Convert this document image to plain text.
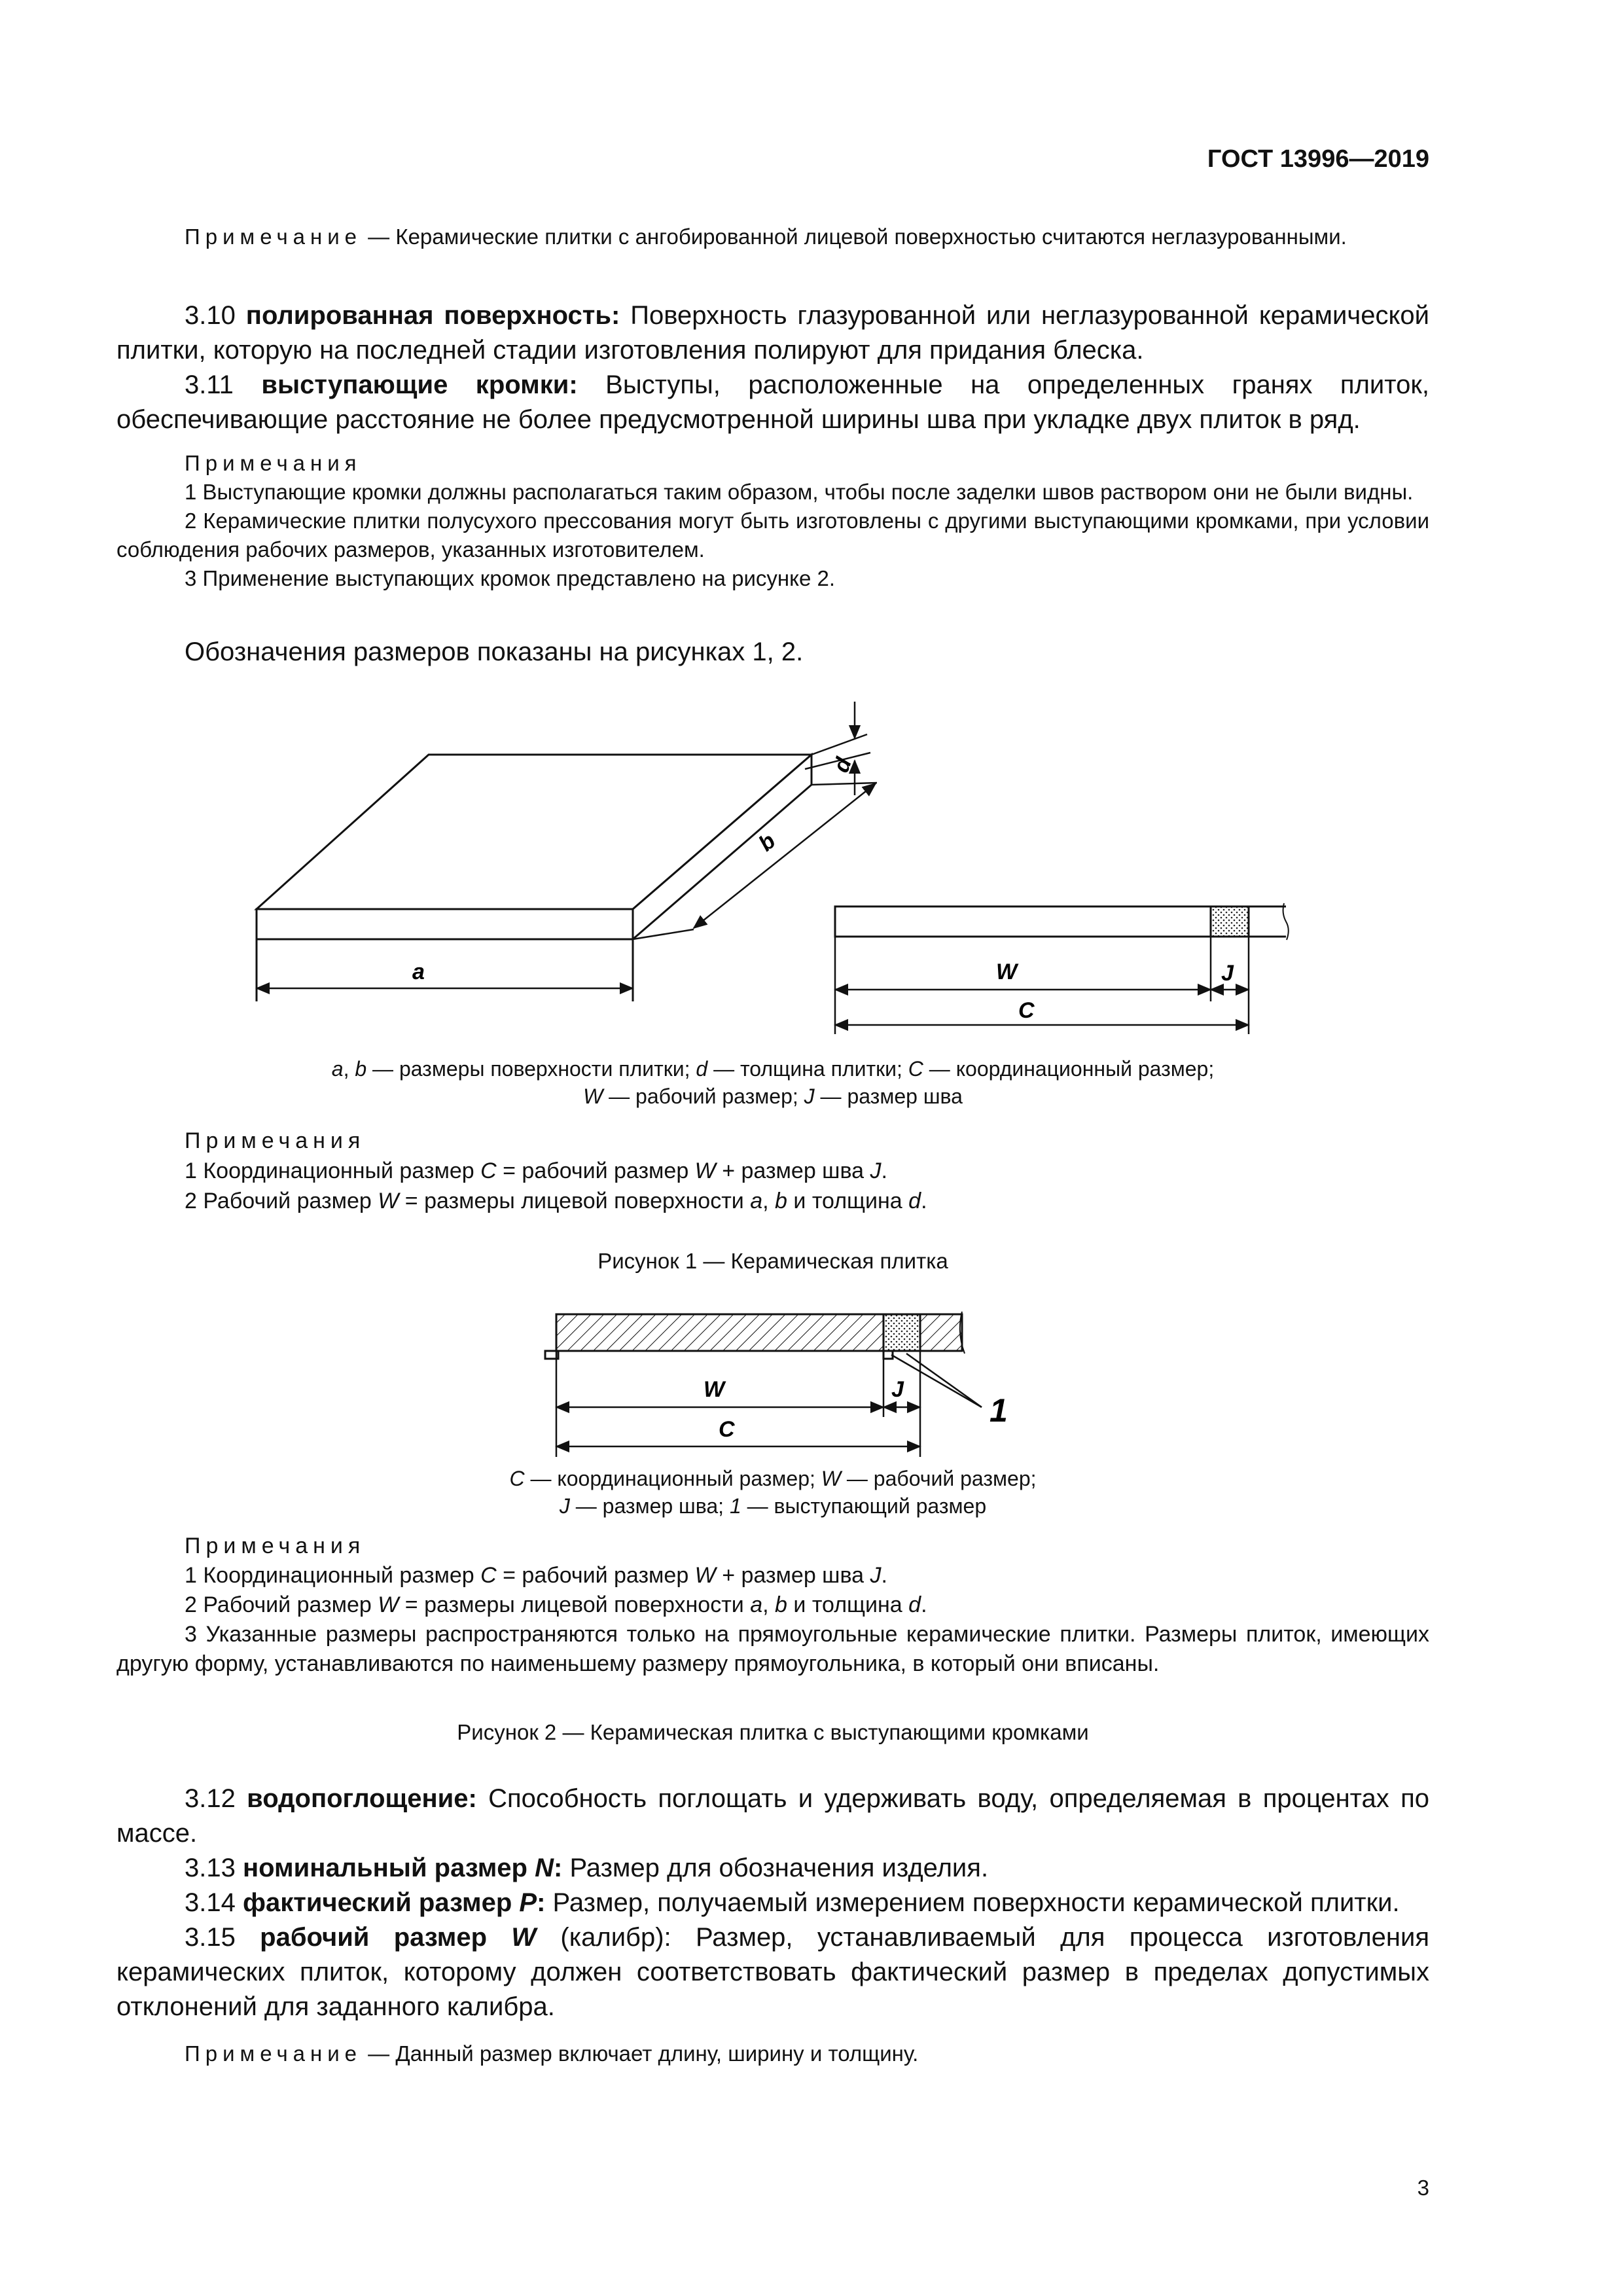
ГОСТ 13996—2019
Примечание — Керамические плитки с ангобированной лицевой поверхностью считаются неглазурованными.
3.10 полированная поверхность: Поверхность глазурованной или неглазурованной керамической плитки, которую на последней стадии изготовления полируют для придания блеска.
3.11 выступающие кромки: Выступы, расположенные на определенных гранях плиток, обеспечивающие расстояние не более предусмотренной ширины шва при укладке двух плиток в ряд.
Примечания
1 Выступающие кромки должны располагаться таким образом, чтобы после заделки швов раствором они не были видны.
2 Керамические плитки полусухого прессования могут быть изготовлены с другими выступающими кромками, при условии соблюдения рабочих размеров, указанных изготовителем.
3 Применение выступающих кромок представлено на рисунке 2.
Обозначения размеров показаны на рисунках 1, 2.
a
b
d
W	J
C
a, b — размеры поверхности плитки; d — толщина плитки; C — координационный размер;
W — рабочий размер; J — размер шва
Примечания
1 Координационный размер C = рабочий размер W + размер шва J.
2 Рабочий размер W = размеры лицевой поверхности a, b и толщина d.
Рисунок 1 — Керамическая плитка
W	J
C
1
C — координационный размер; W — рабочий размер;
J — размер шва; 1 — выступающий размер
Примечания
1 Координационный размер C = рабочий размер W + размер шва J.
2 Рабочий размер W = размеры лицевой поверхности a, b и толщина d.
3 Указанные размеры распространяются только на прямоугольные керамические плитки. Размеры плиток, имеющих другую форму, устанавливаются по наименьшему размеру прямоугольника, в который они вписаны.
Рисунок 2 — Керамическая плитка с выступающими кромками
3.12 водопоглощение: Способность поглощать и удерживать воду, определяемая в процентах по массе.
3.13 номинальный размер N: Размер для обозначения изделия.
3.14 фактический размер P: Размер, получаемый измерением поверхности керамической плитки.
3.15 рабочий размер W (калибр): Размер, устанавливаемый для процесса изготовления керамических плиток, которому должен соответствовать фактический размер в пределах допустимых отклонений для заданного калибра.
Примечание — Данный размер включает длину, ширину и толщину.
3
